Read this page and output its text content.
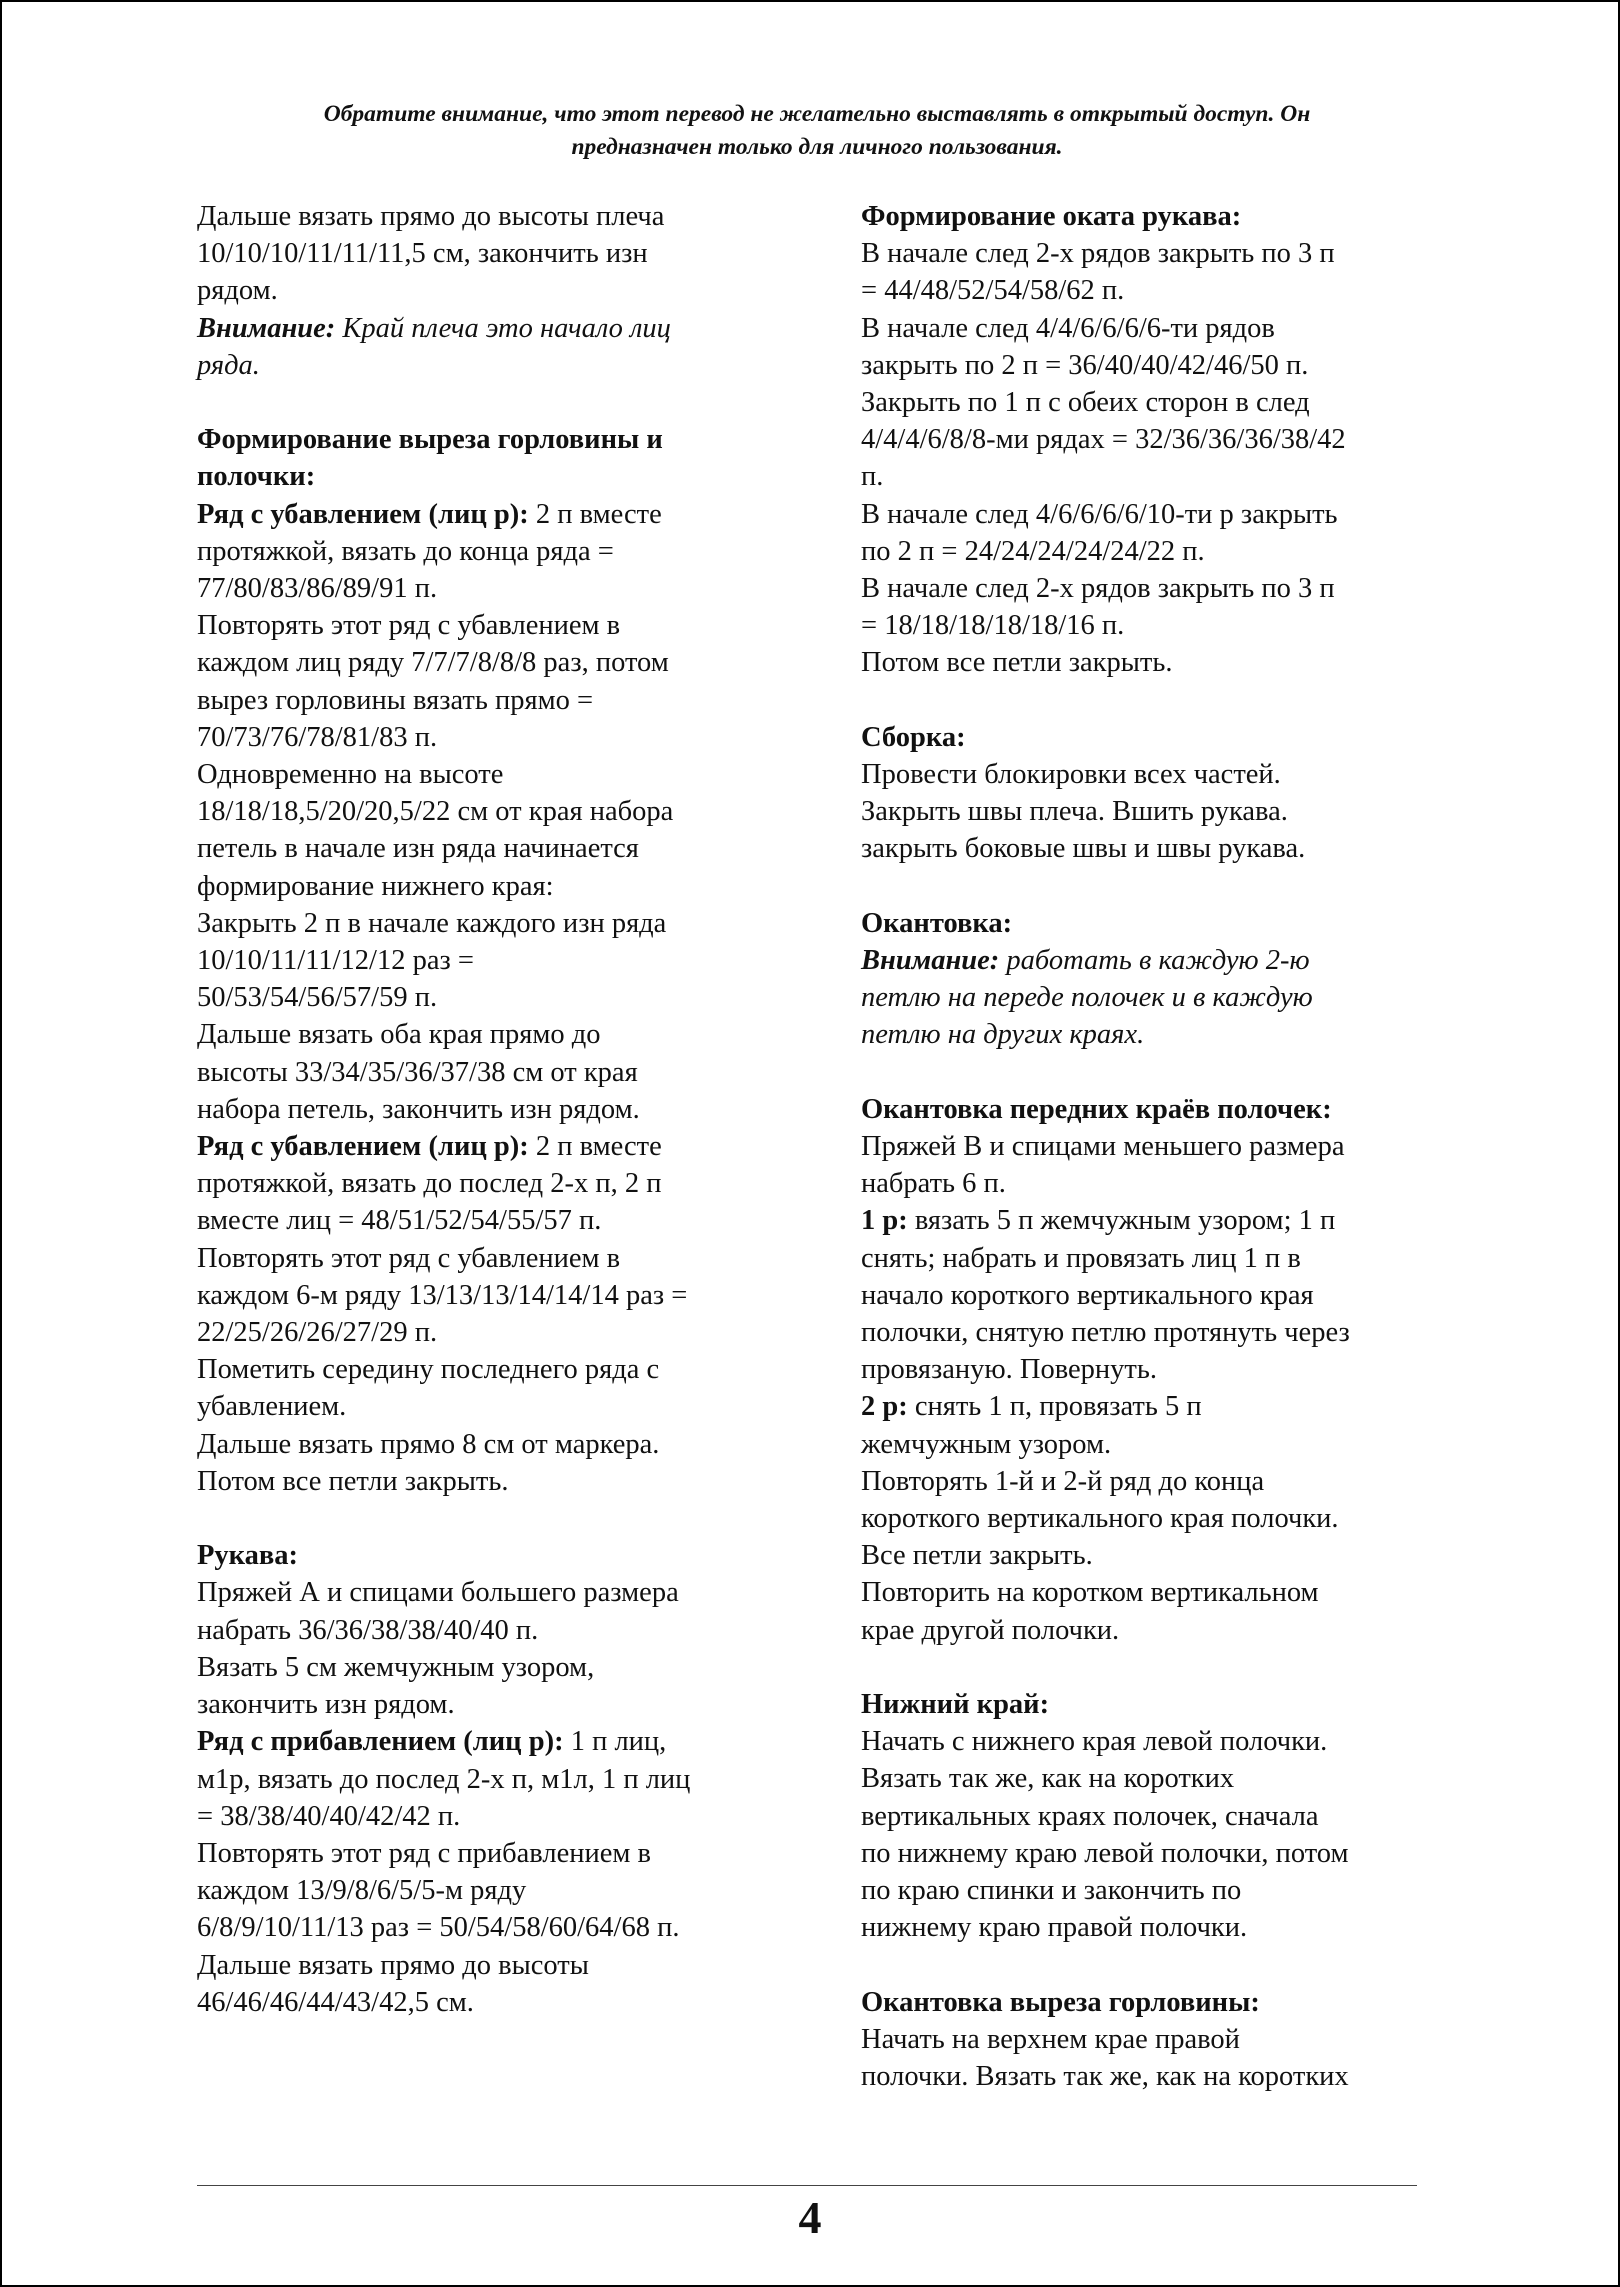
Обратите внимание, что этот перевод не желательно выставлять в открытый доступ. Он
предназначен только для личного пользования.
Дальше вязать прямо до высоты плеча
10/10/10/11/11/11,5 см, закончить изн
рядом.
Внимание: Край плеча это начало лиц
ряда.
Формирование выреза горловины и
полочки:
Ряд с убавлением (лиц р): 2 п вместе
протяжкой, вязать до конца ряда =
77/80/83/86/89/91 п.
Повторять этот ряд с убавлением в
каждом лиц ряду 7/7/7/8/8/8 раз, потом
вырез горловины вязать прямо =
70/73/76/78/81/83 п.
Одновременно на высоте
18/18/18,5/20/20,5/22 см от края набора
петель в начале изн ряда начинается
формирование нижнего края:
Закрыть 2 п в начале каждого изн ряда
10/10/11/11/12/12 раз =
50/53/54/56/57/59 п.
Дальше вязать оба края прямо до
высоты 33/34/35/36/37/38 см от края
набора петель, закончить изн рядом.
Ряд с убавлением (лиц р): 2 п вместе
протяжкой, вязать до послед 2-х п, 2 п
вместе лиц = 48/51/52/54/55/57 п.
Повторять этот ряд с убавлением в
каждом 6-м ряду 13/13/13/14/14/14 раз =
22/25/26/26/27/29 п.
Пометить середину последнего ряда с
убавлением.
Дальше вязать прямо 8 см от маркера.
Потом все петли закрыть.
Рукава:
Пряжей А и спицами большего размера
набрать 36/36/38/38/40/40 п.
Вязать 5 см жемчужным узором,
закончить изн рядом.
Ряд с прибавлением (лиц р): 1 п лиц,
м1р, вязать до послед 2-х п, м1л, 1 п лиц
= 38/38/40/40/42/42 п.
Повторять этот ряд с прибавлением в
каждом 13/9/8/6/5/5-м ряду
6/8/9/10/11/13 раз = 50/54/58/60/64/68 п.
Дальше вязать прямо до высоты
46/46/46/44/43/42,5 см.
Формирование оката рукава:
В начале след 2-х рядов закрыть по 3 п
= 44/48/52/54/58/62 п.
В начале след 4/4/6/6/6/6-ти рядов
закрыть по 2 п = 36/40/40/42/46/50 п.
Закрыть по 1 п с обеих сторон в след
4/4/4/6/8/8-ми рядах = 32/36/36/36/38/42
п.
В начале след 4/6/6/6/6/10-ти р закрыть
по 2 п = 24/24/24/24/24/22 п.
В начале след 2-х рядов закрыть по 3 п
= 18/18/18/18/18/16 п.
Потом все петли закрыть.
Сборка:
Провести блокировки всех частей.
Закрыть швы плеча. Вшить рукава.
закрыть боковые швы и швы рукава.
Окантовка:
Внимание: работать в каждую 2-ю
петлю на переде полочек и в каждую
петлю на других краях.
Окантовка передних краёв полочек:
Пряжей B и спицами меньшего размера
набрать 6 п.
1 р: вязать 5 п жемчужным узором; 1 п
снять; набрать и провязать лиц 1 п в
начало короткого вертикального края
полочки, снятую петлю протянуть через
провязаную. Повернуть.
2 р: снять 1 п, провязать 5 п
жемчужным узором.
Повторять 1-й и 2-й ряд до конца
короткого вертикального края полочки.
Все петли закрыть.
Повторить на коротком вертикальном
крае другой полочки.
Нижний край:
Начать с нижнего края левой полочки.
Вязать так же, как на коротких
вертикальных краях полочек, сначала
по нижнему краю левой полочки, потом
по краю спинки и закончить по
нижнему краю правой полочки.
Окантовка выреза горловины:
Начать на верхнем крае правой
полочки. Вязать так же, как на коротких
4
